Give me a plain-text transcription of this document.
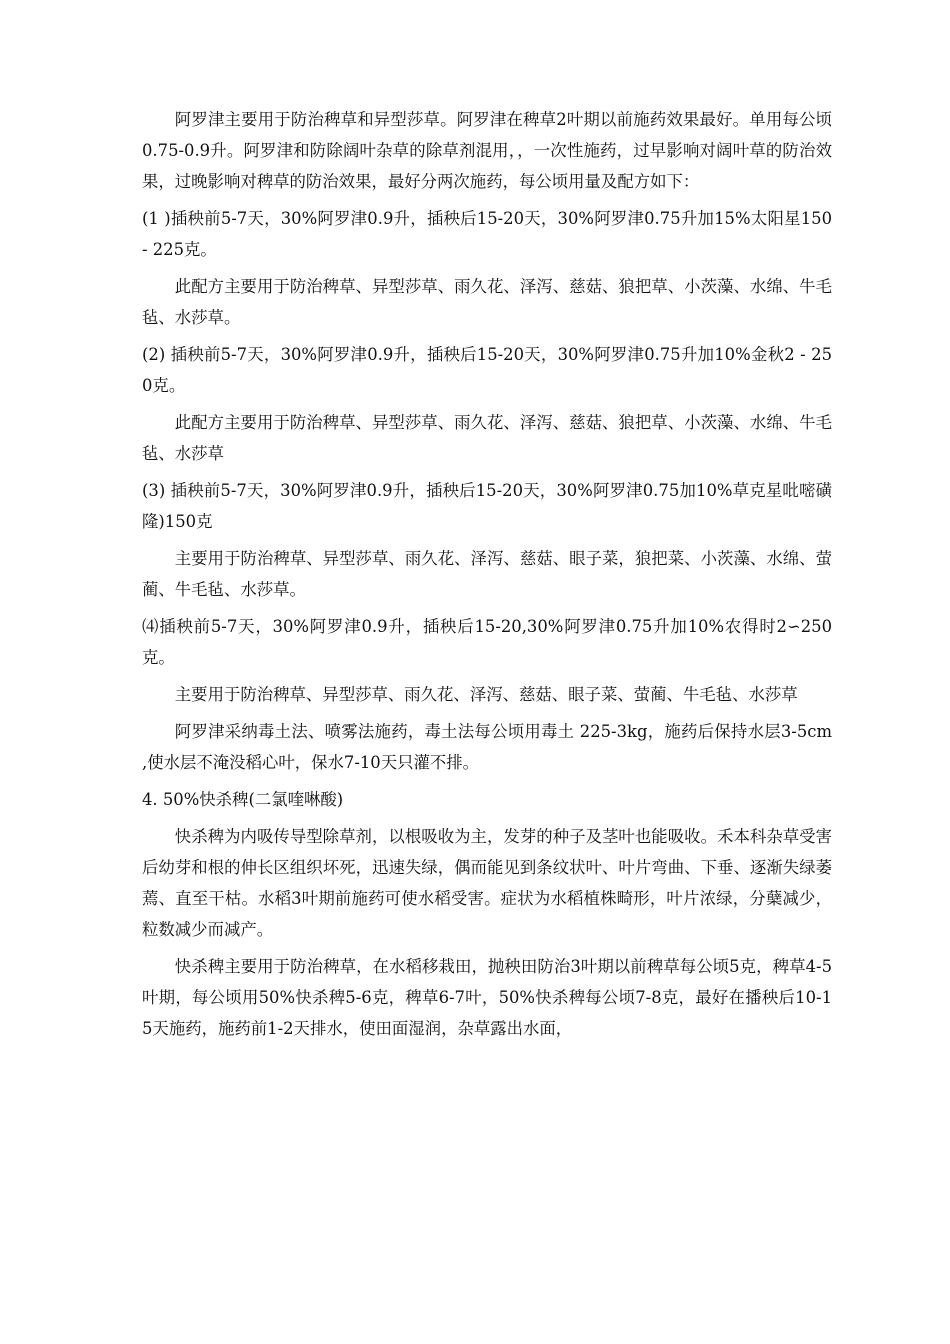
阿罗津主要用于防治稗草和异型莎草。阿罗津在稗草2叶期以前施药效果最好。单用每公顷0.75-0.9升。阿罗津和防除阔叶杂草的除草剂混用，，一次性施药，过早影响对阔叶草的防治效果，过晚影响对稗草的防治效果，最好分两次施药，每公顷用量及配方如下：

(1 )插秧前5-7天，30%阿罗津0.9升，插秧后15-20天，30%阿罗津0.75升加15%太阳星150 - 225克。

此配方主要用于防治稗草、异型莎草、雨久花、泽泻、慈菇、狼把草、小茨藻、水绵、牛毛毡、水莎草。

(2) 插秧前5-7天，30%阿罗津0.9升，插秧后15-20天，30%阿罗津0.75升加10%金秋2 - 250克。

此配方主要用于防治稗草、异型莎草、雨久花、泽泻、慈菇、狼把草、小茨藻、水绵、牛毛毡、水莎草

(3) 插秧前5-7天，30%阿罗津0.9升，插秧后15-20天，30%阿罗津0.75加10%草克星吡嘧磺隆)150克

主要用于防治稗草、异型莎草、雨久花、泽泻、慈菇、眼子菜，狼把菜、小茨藻、水绵、萤蔺、牛毛毡、水莎草。

⑷插秧前5-7天，30%阿罗津0.9升，插秧后15-20,30%阿罗津0.75升加10%农得时2∽250克。

主要用于防治稗草、异型莎草、雨久花、泽泻、慈菇、眼子菜、萤蔺、牛毛毡、水莎草

阿罗津采纳毒土法、喷雾法施药，毒土法每公顷用毒土 225-3kg，施药后保持水层3-5cm ,使水层不淹没稻心叶，保水7-10天只灌不排。

4. 50%快杀稗(二氯喹啉酸)

快杀稗为内吸传导型除草剂，以根吸收为主，发芽的种子及茎叶也能吸收。禾本科杂草受害后幼芽和根的伸长区组织坏死，迅速失绿，偶而能见到条纹状叶、叶片弯曲、下垂、逐渐失绿萎蔫、直至干枯。水稻3叶期前施药可使水稻受害。症状为水稻植株畸形，叶片浓绿，分蘖减少，粒数减少而减产。

快杀稗主要用于防治稗草，在水稻移栽田，抛秧田防治3叶期以前稗草每公顷5克，稗草4-5叶期，每公顷用50%快杀稗5-6克，稗草6-7叶，50%快杀稗每公顷7-8克，最好在播秧后10-15天施药，施药前1-2天排水，使田面湿润，杂草露出水面，
